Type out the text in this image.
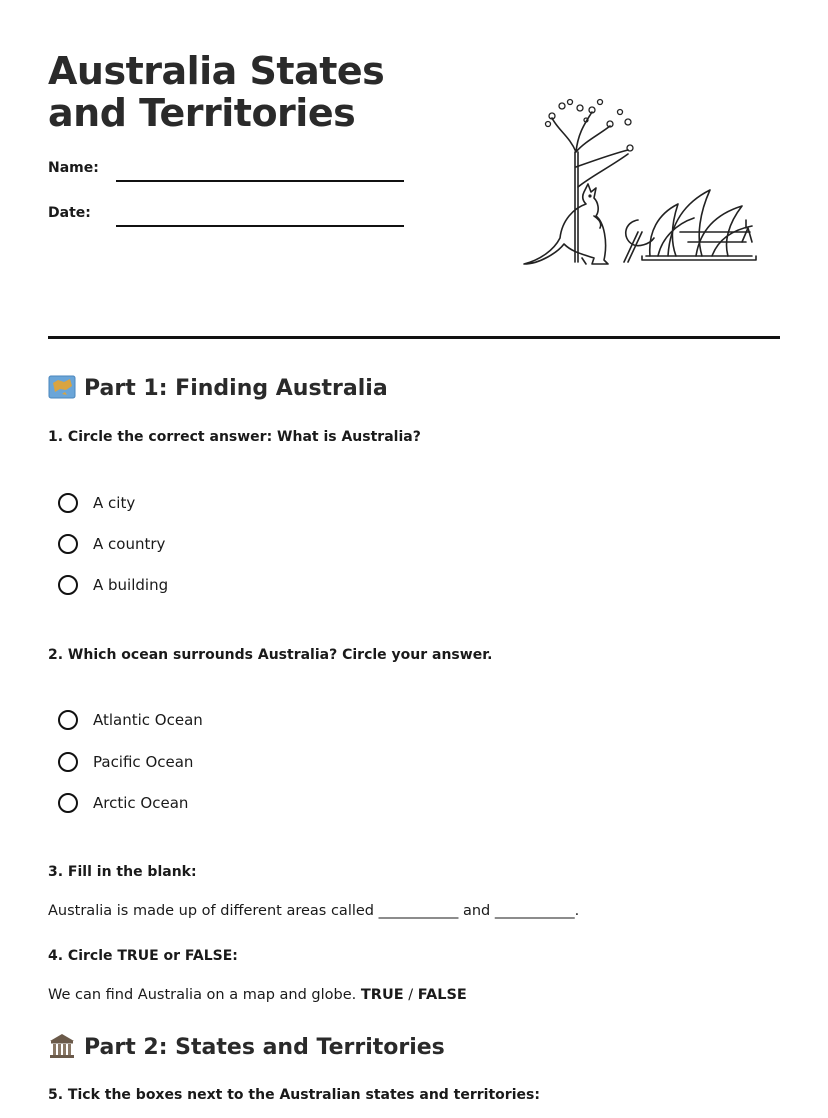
Australia States and Territories
Name:
Date:
Part 1: Finding Australia
1. Circle the correct answer: What is Australia?
A city
A country
A building
2. Which ocean surrounds Australia? Circle your answer.
Atlantic Ocean
Pacific Ocean
Arctic Ocean
3. Fill in the blank:
Australia is made up of different areas called ___________ and ___________.
4. Circle TRUE or FALSE:
We can find Australia on a map and globe. TRUE / FALSE
Part 2: States and Territories
5. Tick the boxes next to the Australian states and territories:
